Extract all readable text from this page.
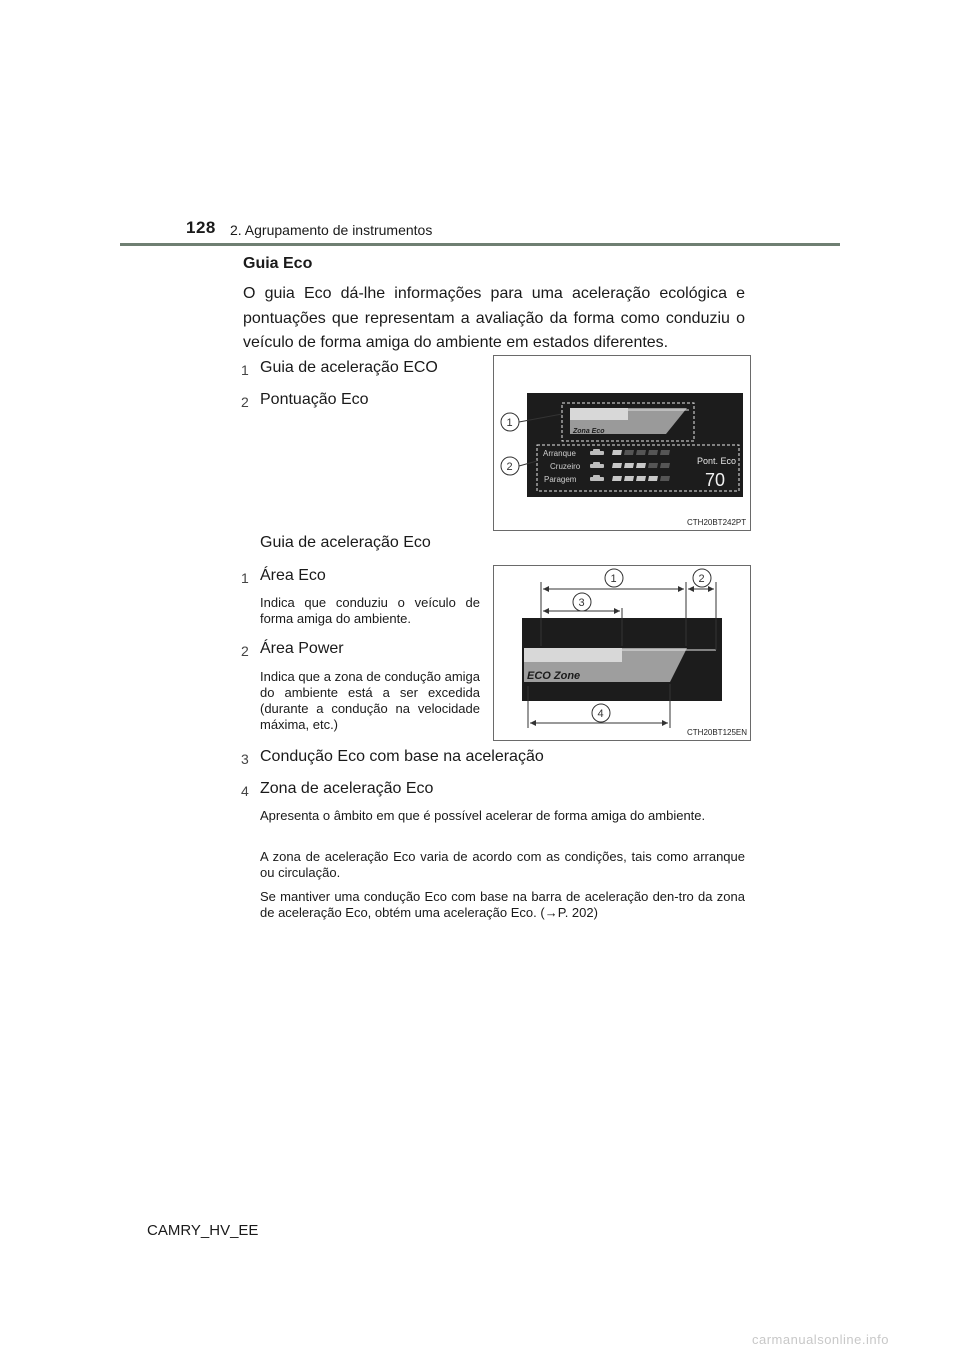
128 2. Agrupamento de instrumentos
Guia Eco
O guia Eco dá-lhe informações para uma aceleração ecológica e pontuações que representam a avaliação da forma como conduziu o veículo de forma amiga do ambiente em estados diferentes.
1 Guia de aceleração ECO
2 Pontuação Eco
Zona Eco
Arranque
Cruzeiro
Paragem
Pont. Eco
70
1
2
CTH20BT242PT
Guia de aceleração Eco
1 Área Eco
Indica que conduziu o veículo de forma amiga do ambiente.
2 Área Power
Indica que a zona de condução amiga do ambiente está a ser excedida (durante a condução na velocidade máxima, etc.)
ECO Zone
1	2
3
4
CTH20BT125EN
3 Condução Eco com base na aceleração
4 Zona de aceleração Eco
Apresenta o âmbito em que é possível acelerar de forma amiga do ambiente.
A zona de aceleração Eco varia de acordo com as condições, tais como arranque ou circulação.
Se mantiver uma condução Eco com base na barra de aceleração den-tro da zona de aceleração Eco, obtém uma aceleração Eco. (→P. 202)
CAMRY_HV_EE
carmanualsonline.info
